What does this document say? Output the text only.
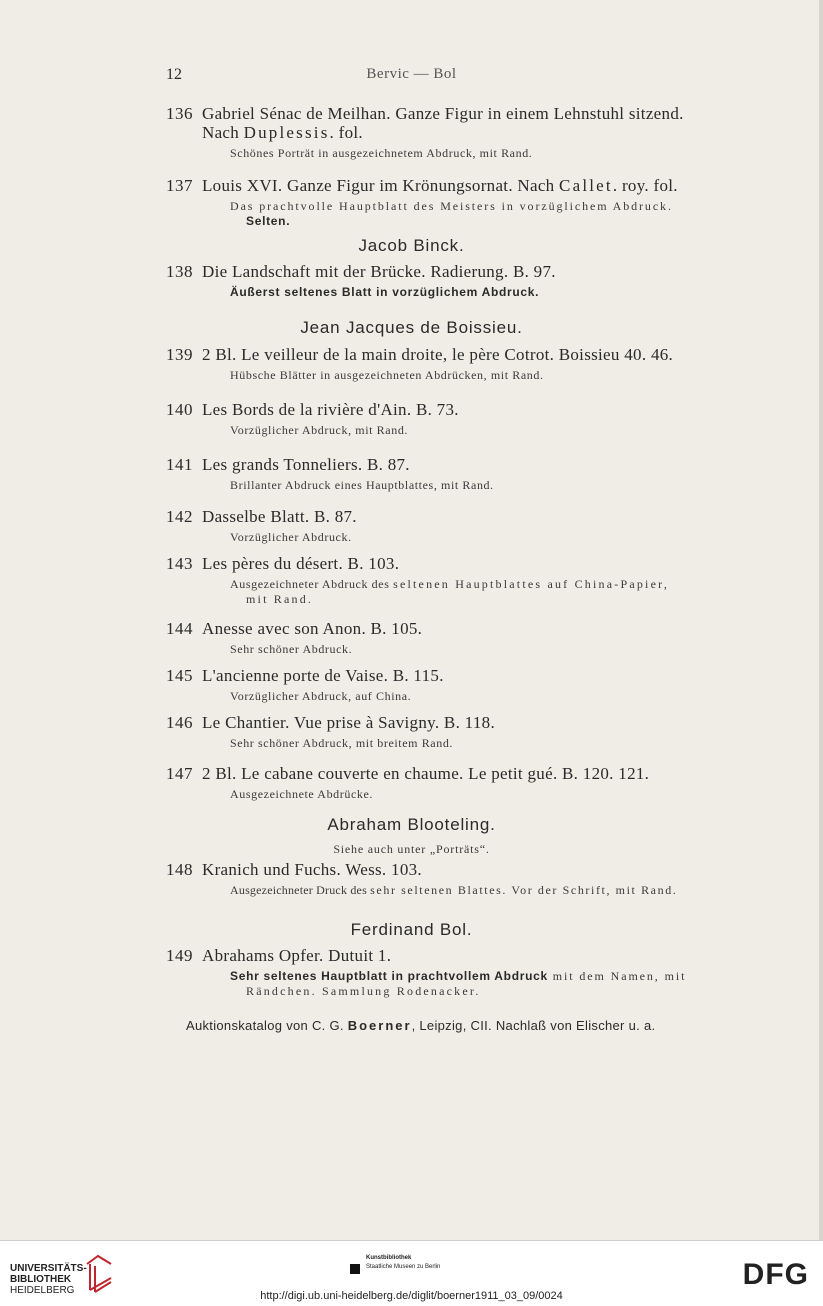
12	Bervic — Bol
136 Gabriel Sénac de Meilhan. Ganze Figur in einem Lehnstuhl sitzend.
Nach Duplessis. fol.
Schönes Porträt in ausgezeichnetem Abdruck, mit Rand.
137 Louis XVI. Ganze Figur im Krönungsornat. Nach Callet. roy. fol.
Das prachtvolle Hauptblatt des Meisters in vorzüglichem Abdruck.
Selten.
Jacob Binck.
138 Die Landschaft mit der Brücke. Radierung. B. 97.
Äußerst seltenes Blatt in vorzüglichem Abdruck.
Jean Jacques de Boissieu.
139 2 Bl. Le veilleur de la main droite, le père Cotrot. Boissieu 40. 46.
Hübsche Blätter in ausgezeichneten Abdrücken, mit Rand.
140 Les Bords de la rivière d'Ain. B. 73.
Vorzüglicher Abdruck, mit Rand.
141 Les grands Tonneliers. B. 87.
Brillanter Abdruck eines Hauptblattes, mit Rand.
142 Dasselbe Blatt. B. 87.
Vorzüglicher Abdruck.
143 Les pères du désert. B. 103.
Ausgezeichneter Abdruck des seltenen Hauptblattes auf China-Papier,
mit Rand.
144 Anesse avec son Anon. B. 105.
Sehr schöner Abdruck.
145 L'ancienne porte de Vaise. B. 115.
Vorzüglicher Abdruck, auf China.
146 Le Chantier. Vue prise à Savigny. B. 118.
Sehr schöner Abdruck, mit breitem Rand.
147 2 Bl. Le cabane couverte en chaume. Le petit gué. B. 120. 121.
Ausgezeichnete Abdrücke.
Abraham Blooteling.
Siehe auch unter „Porträts“.
148 Kranich und Fuchs. Wess. 103.
Ausgezeichneter Druck des sehr seltenen Blattes. Vor der Schrift, mit Rand.
Ferdinand Bol.
149 Abrahams Opfer. Dutuit 1.
Sehr seltenes Hauptblatt in prachtvollem Abdruck mit dem Namen, mit
Rändchen. Sammlung Rodenacker.
Auktionskatalog von C. G. Boerner, Leipzig, CII. Nachlaß von Elischer u. a.
UNIVERSITÄTS-
BIBLIOTHEK
HEIDELBERG
Kunstbibliothek
Staatliche Museen zu Berlin
http://digi.ub.uni-heidelberg.de/diglit/boerner1911_03_09/0024
DFG
